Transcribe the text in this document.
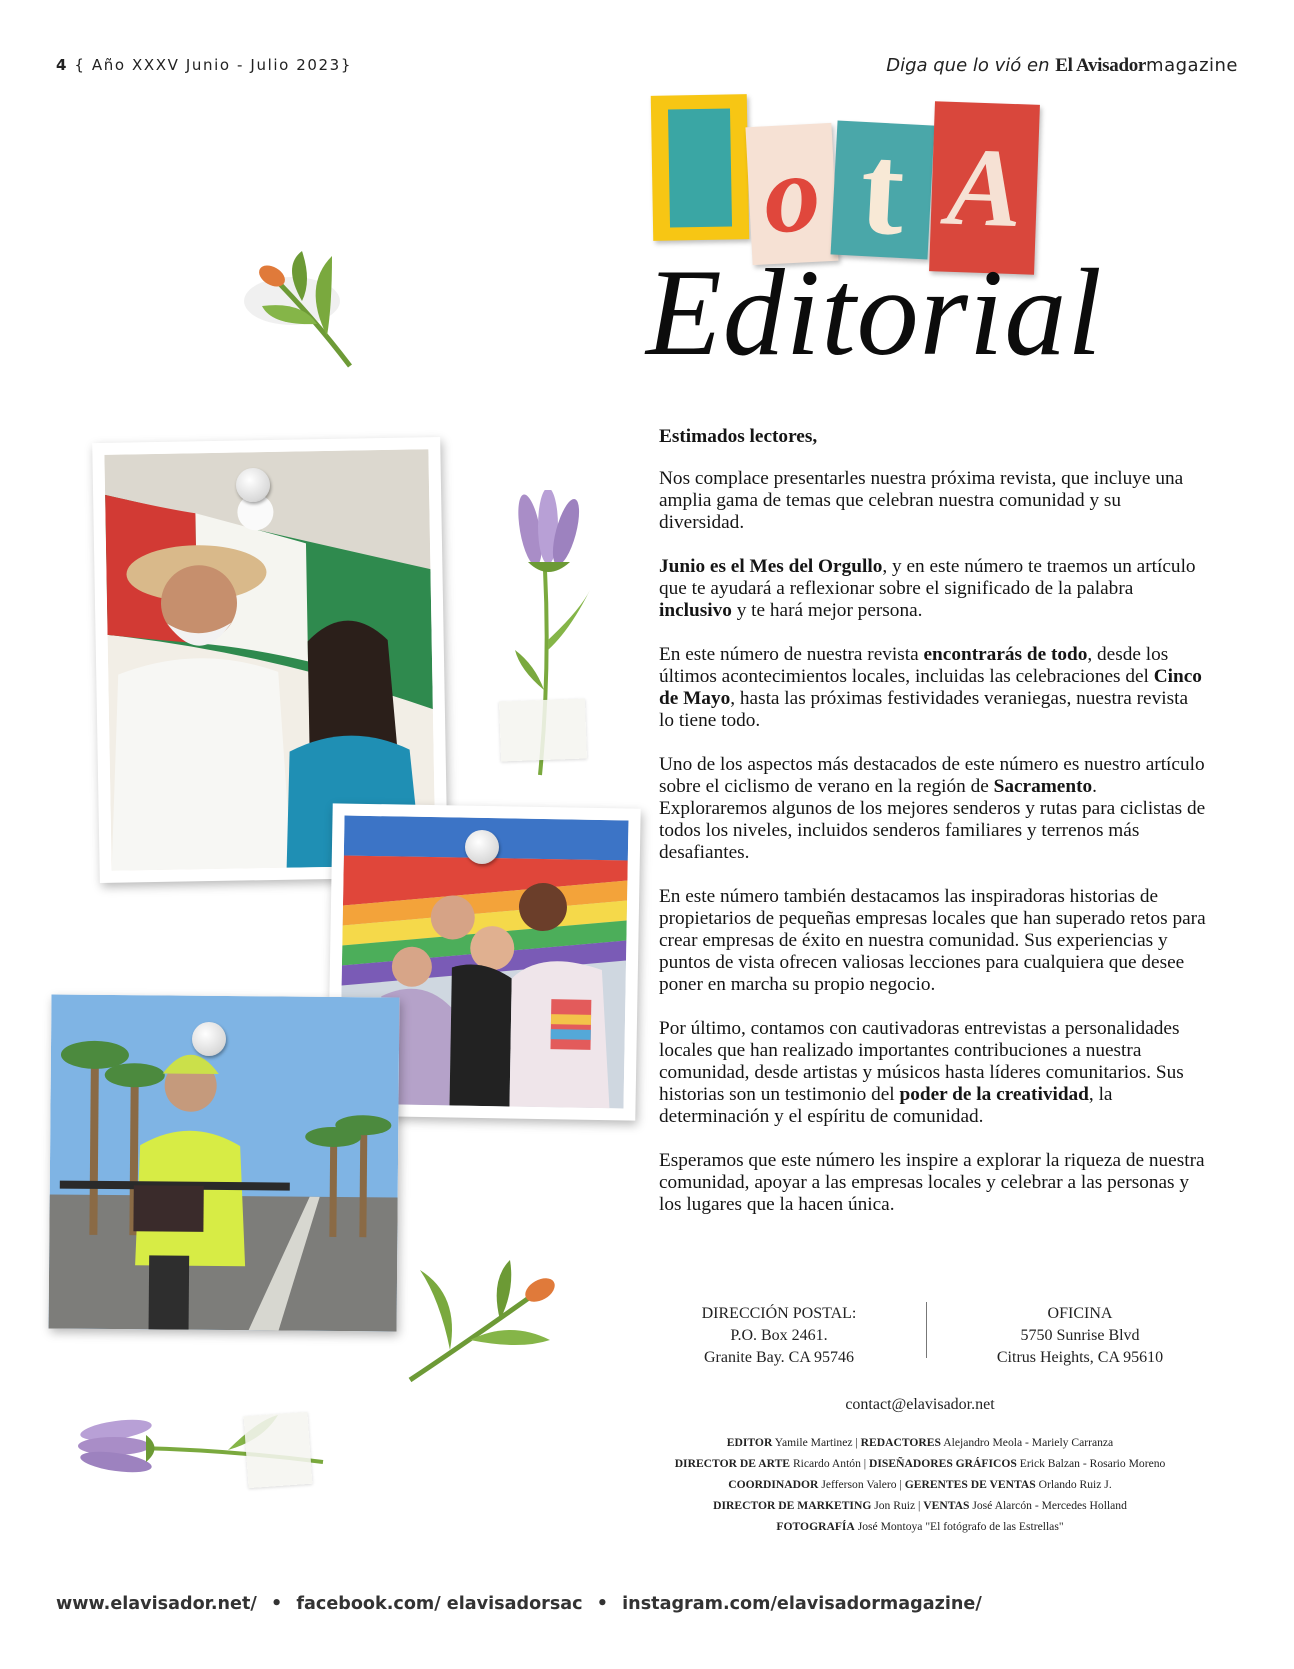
4 { Año XXXV Junio - Julio 2023}	Diga que lo vió en El Avisadormagazine
o t A
Editorial

Estimados lectores,

Nos complace presentarles nuestra próxima revista, que incluye una amplia gama de temas que celebran nuestra comunidad y su diversidad.

Junio es el Mes del Orgullo, y en este número te traemos un artículo que te ayudará a reflexionar sobre el significado de la palabra inclusivo y te hará mejor persona.

En este número de nuestra revista encontrarás de todo, desde los últimos acontecimientos locales, incluidas las celebraciones del Cinco de Mayo, hasta las próximas festividades veraniegas, nuestra revista lo tiene todo.

Uno de los aspectos más destacados de este número es nuestro artículo sobre el ciclismo de verano en la región de Sacramento. Exploraremos algunos de los mejores senderos y rutas para ciclistas de todos los niveles, incluidos senderos familiares y terrenos más desafiantes.

En este número también destacamos las inspiradoras historias de propietarios de pequeñas empresas locales que han superado retos para crear empresas de éxito en nuestra comunidad. Sus experiencias y puntos de vista ofrecen valiosas lecciones para cualquiera que desee poner en marcha su propio negocio.

Por último, contamos con cautivadoras entrevistas a personalidades locales que han realizado importantes contribuciones a nuestra comunidad, desde artistas y músicos hasta líderes comunitarios. Sus historias son un testimonio del poder de la creatividad, la determinación y el espíritu de comunidad.

Esperamos que este número les inspire a explorar la riqueza de nuestra comunidad, apoyar a las empresas locales y celebrar a las personas y los lugares que la hacen única.

DIRECCIÓN POSTAL:
P.O. Box 2461.
Granite Bay. CA 95746
OFICINA
5750 Sunrise Blvd
Citrus Heights, CA 95610
contact@elavisador.net
EDITOR Yamile Martinez | REDACTORES Alejandro Meola - Mariely Carranza
DIRECTOR DE ARTE Ricardo Antón | DISEÑADORES GRÁFICOS Erick Balzan - Rosario Moreno
COORDINADOR Jefferson Valero | GERENTES DE VENTAS Orlando Ruiz J.
DIRECTOR DE MARKETING Jon Ruiz | VENTAS José Alarcón - Mercedes Holland
FOTOGRAFÍA José Montoya "El fotógrafo de las Estrellas"
www.elavisador.net/ • facebook.com/ elavisadorsac • instagram.com/elavisadormagazine/
